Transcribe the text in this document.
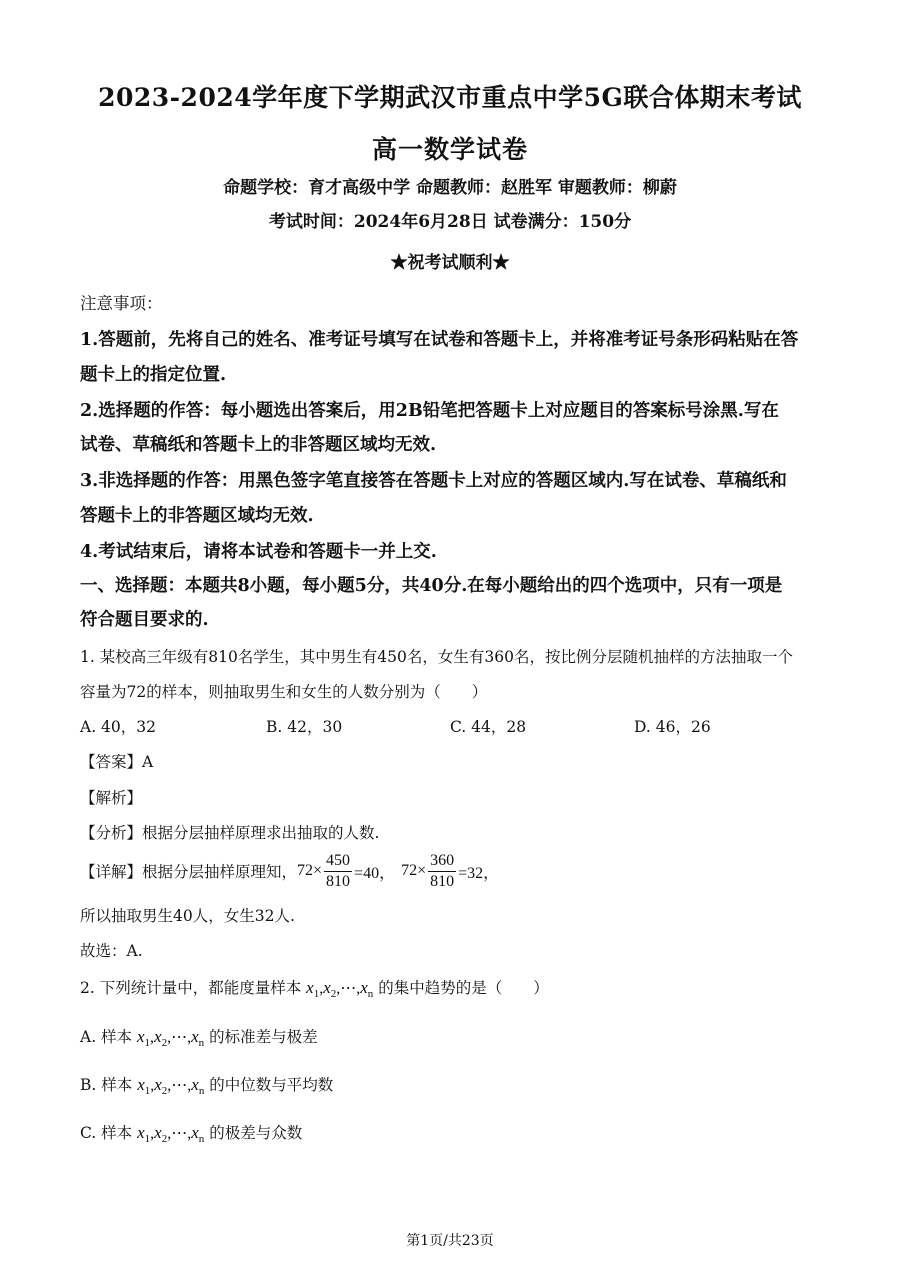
2023-2024学年度下学期武汉市重点中学5G联合体期末考试
高一数学试卷
命题学校：育才高级中学 命题教师：赵胜军 审题教师：柳蔚
考试时间：2024年6月28日 试卷满分：150分
★祝考试顺利★
注意事项：
1.答题前，先将自己的姓名、准考证号填写在试卷和答题卡上，并将准考证号条形码粘贴在答
题卡上的指定位置.
2.选择题的作答：每小题选出答案后，用2B铅笔把答题卡上对应题目的答案标号涂黑.写在
试卷、草稿纸和答题卡上的非答题区域均无效.
3.非选择题的作答：用黑色签字笔直接答在答题卡上对应的答题区域内.写在试卷、草稿纸和
答题卡上的非答题区域均无效.
4.考试结束后，请将本试卷和答题卡一并上交.
一、选择题：本题共8小题，每小题5分，共40分.在每小题给出的四个选项中，只有一项是
符合题目要求的.
1. 某校高三年级有810名学生，其中男生有450名，女生有360名，按比例分层随机抽样的方法抽取一个
容量为72的样本，则抽取男生和女生的人数分别为（　　）
A. 40，32	B. 42，30	C. 44，28	D. 46，26
【答案】A
【解析】
【分析】根据分层抽样原理求出抽取的人数.
【详解】根据分层抽样原理知， $72\times \frac{450}{810} =40$， $72\times \frac{360}{810} =32$，
所以抽取男生40人，女生32人.
故选：A.
2. 下列统计量中，都能度量样本 $x_1,x_2,\cdots,x_n$ 的集中趋势的是（　　）
A. 样本 $x_1,x_2,\cdots,x_n$ 的标准差与极差
B. 样本 $x_1,x_2,\cdots,x_n$ 的中位数与平均数
C. 样本 $x_1,x_2,\cdots,x_n$ 的极差与众数
第1页/共23页
